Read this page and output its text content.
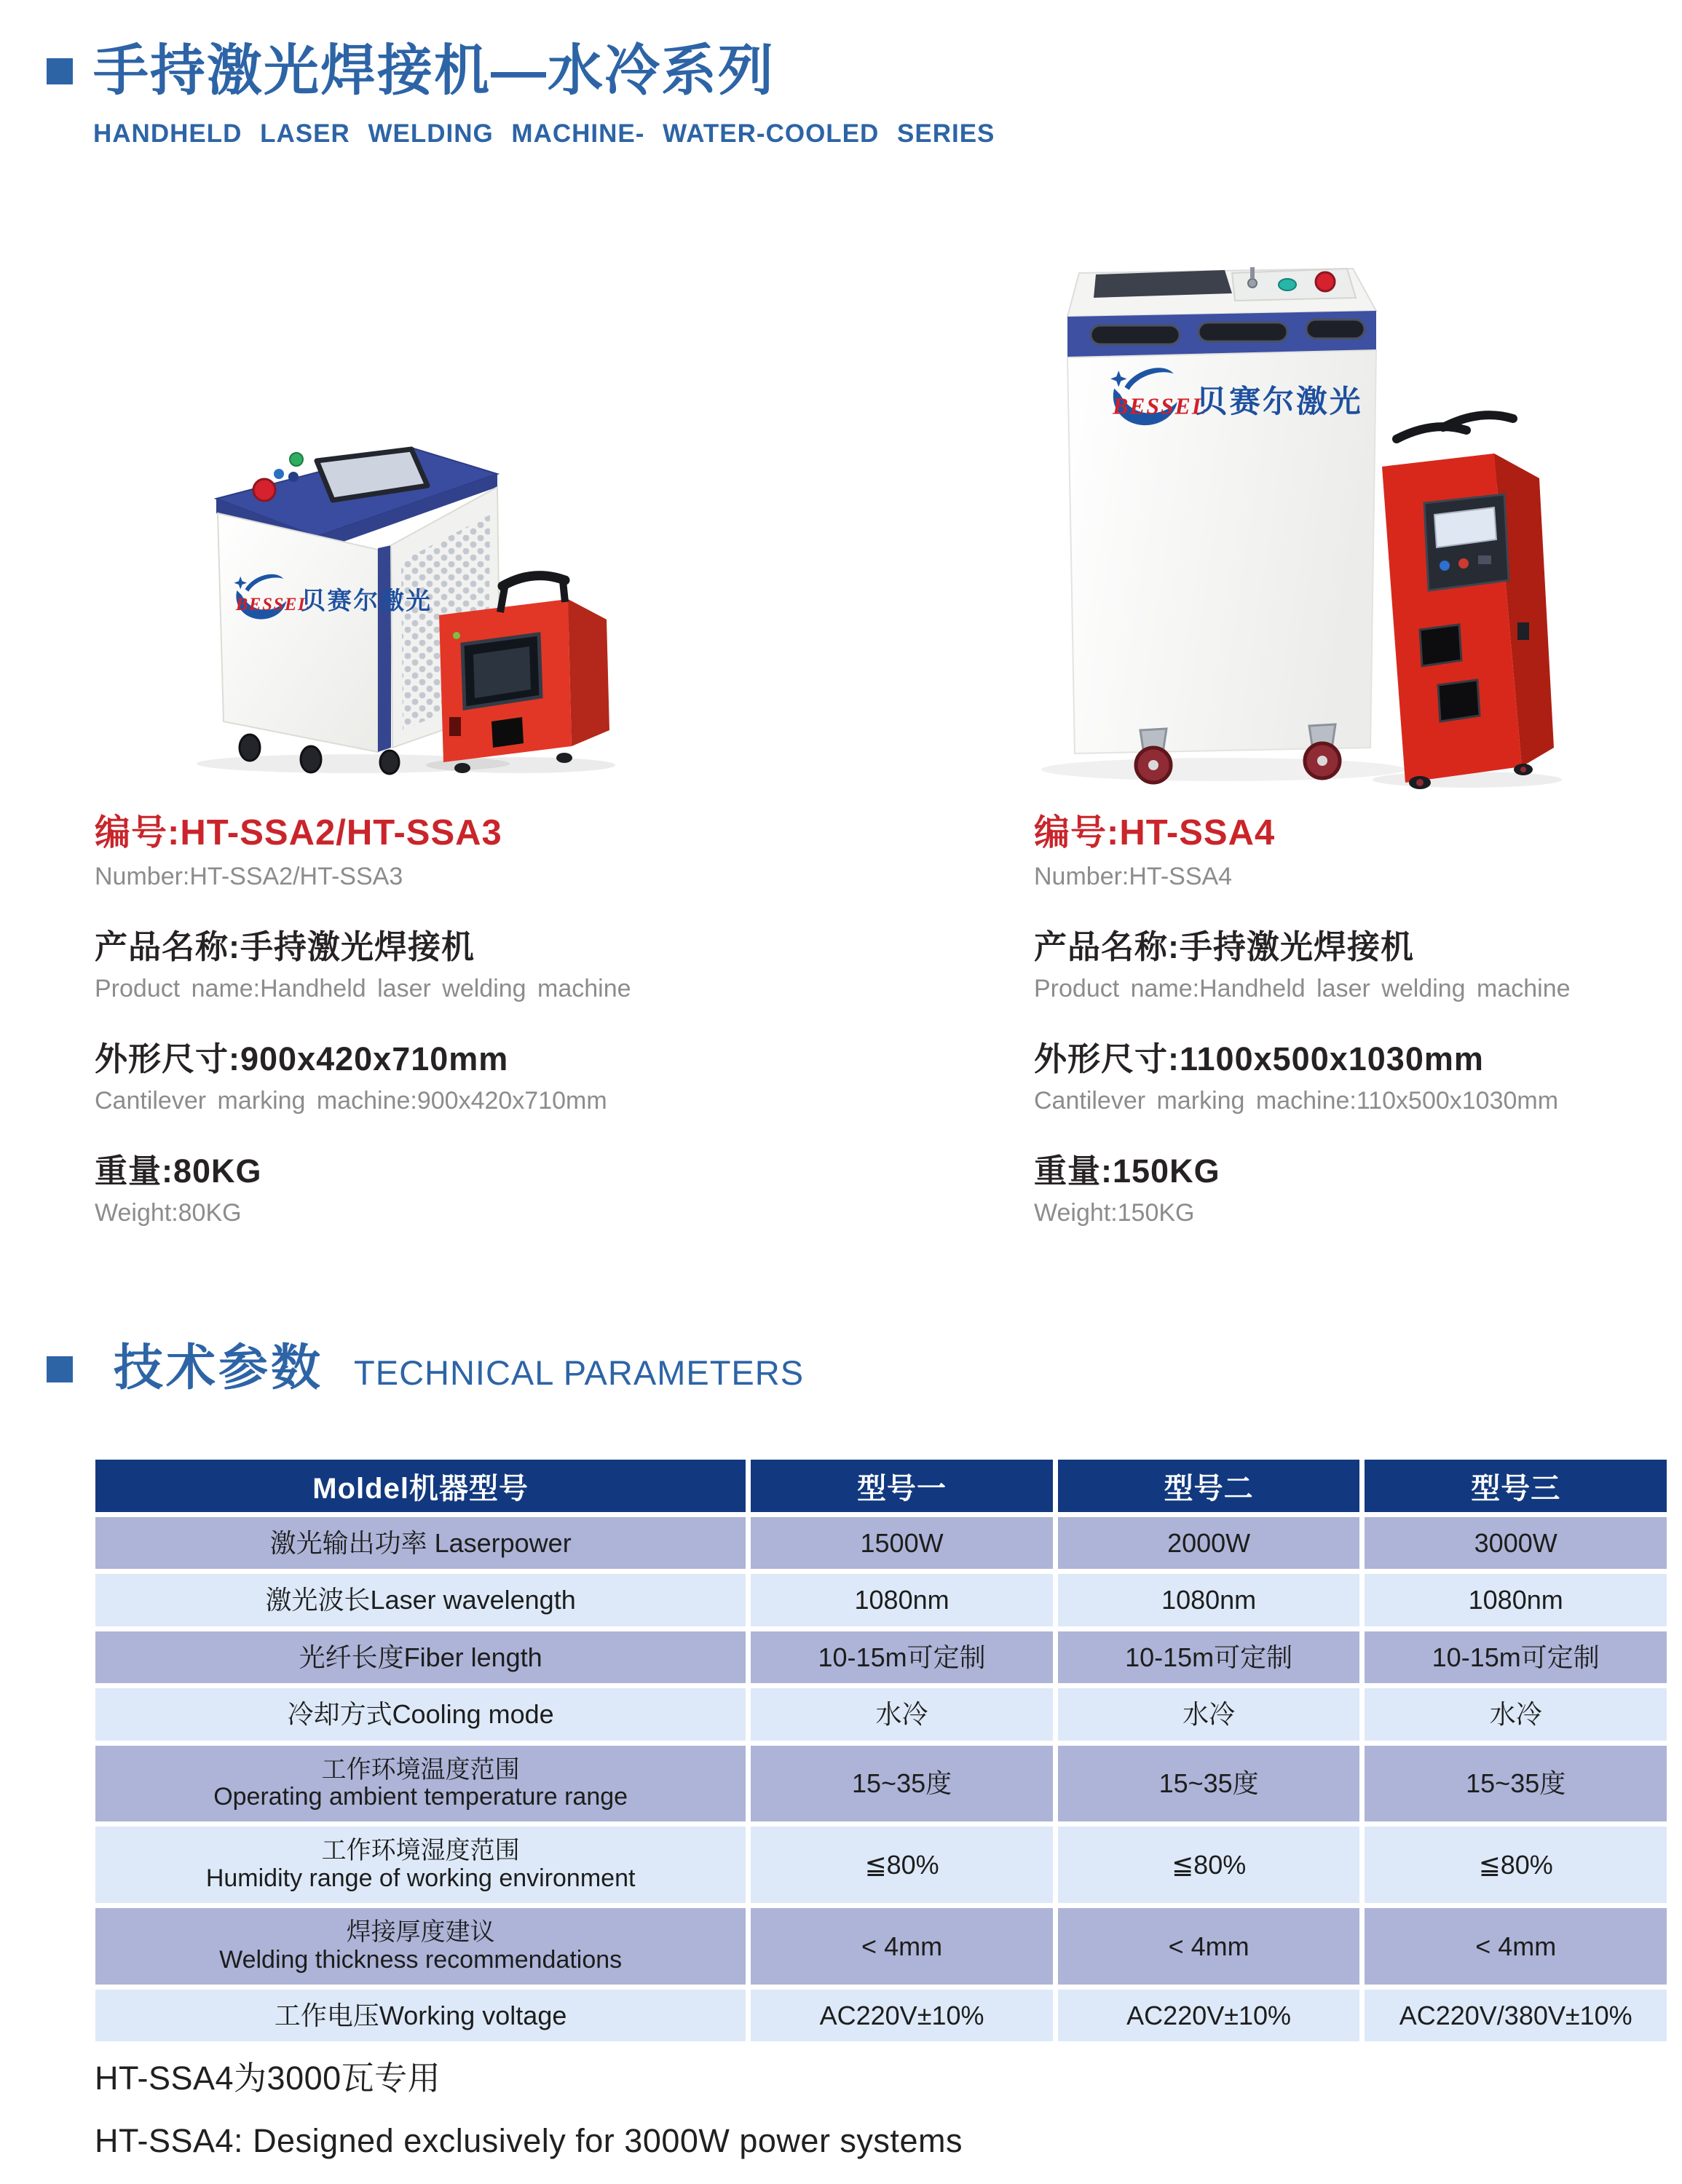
手持激光焊接机—水冷系列
HANDHELD LASER WELDING MACHINE- WATER-COOLED SERIES
BESSEL
贝赛尔激光
BESSEL
贝赛尔激光
编号:HT-SSA2/HT-SSA3
Number:HT-SSA2/HT-SSA3
产品名称:手持激光焊接机
Product name:Handheld laser welding machine
外形尺寸:900x420x710mm
Cantilever marking machine:900x420x710mm
重量:80KG
Weight:80KG
编号:HT-SSA4
Number:HT-SSA4
产品名称:手持激光焊接机
Product name:Handheld laser welding machine
外形尺寸:1100x500x1030mm
Cantilever marking machine:110x500x1030mm
重量:150KG
Weight:150KG
技术参数 TECHNICAL PARAMETERS
Moldel机器型号	型号一	型号二	型号三
激光输出功率 Laserpower	1500W	2000W	3000W
激光波长Laser wavelength	1080nm	1080nm	1080nm
光纤长度Fiber length	10-15m可定制	10-15m可定制	10-15m可定制
冷却方式Cooling mode	水冷	水冷	水冷

工作环境温度范围
Operating ambient temperature range	15~35度	15~35度	15~35度

工作环境湿度范围
Humidity range of working environment	≦80%	≦80%	≦80%

焊接厚度建议
Welding thickness recommendations	< 4mm	< 4mm	< 4mm
工作电压Working voltage	AC220V±10%	AC220V±10%	AC220V/380V±10%
HT-SSA4为3000瓦专用
HT-SSA4: Designed exclusively for 3000W power systems
